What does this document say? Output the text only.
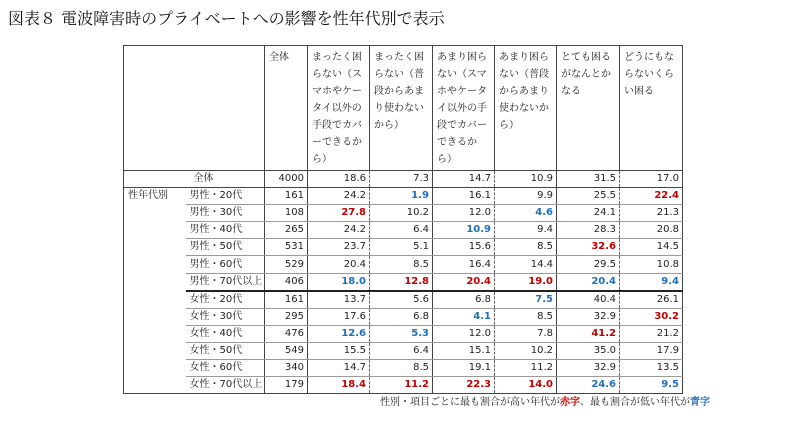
図表８ 電波障害時のプライベートへの影響を性年代別で表示
		全体	まったく困らない（スマホやケータイ以外の手段でカバーできるから）	まったく困らない（普段からあまり使わないから）	あまり困らない（スマホやケータイ以外の手段でカバーできるから）	あまり困らない（普段からあまり使わないから）	とても困るがなんとかなる	どうにもならないくらい困る
	全体	4000	18.6	7.3	14.7	10.9	31.5	17.0
性年代別	男性・20代	161	24.2	1.9	16.1	9.9	25.5	22.4
	男性・30代	108	27.8	10.2	12.0	4.6	24.1	21.3
	男性・40代	265	24.2	6.4	10.9	9.4	28.3	20.8
	男性・50代	531	23.7	5.1	15.6	8.5	32.6	14.5
	男性・60代	529	20.4	8.5	16.4	14.4	29.5	10.8
	男性・70代以上	406	18.0	12.8	20.4	19.0	20.4	9.4
	女性・20代	161	13.7	5.6	6.8	7.5	40.4	26.1
	女性・30代	295	17.6	6.8	4.1	8.5	32.9	30.2
	女性・40代	476	12.6	5.3	12.0	7.8	41.2	21.2
	女性・50代	549	15.5	6.4	15.1	10.2	35.0	17.9
	女性・60代	340	14.7	8.5	19.1	11.2	32.9	13.5
	女性・70代以上	179	18.4	11.2	22.3	14.0	24.6	9.5
性別・項目ごとに最も割合が高い年代が赤字、最も割合が低い年代が青字
